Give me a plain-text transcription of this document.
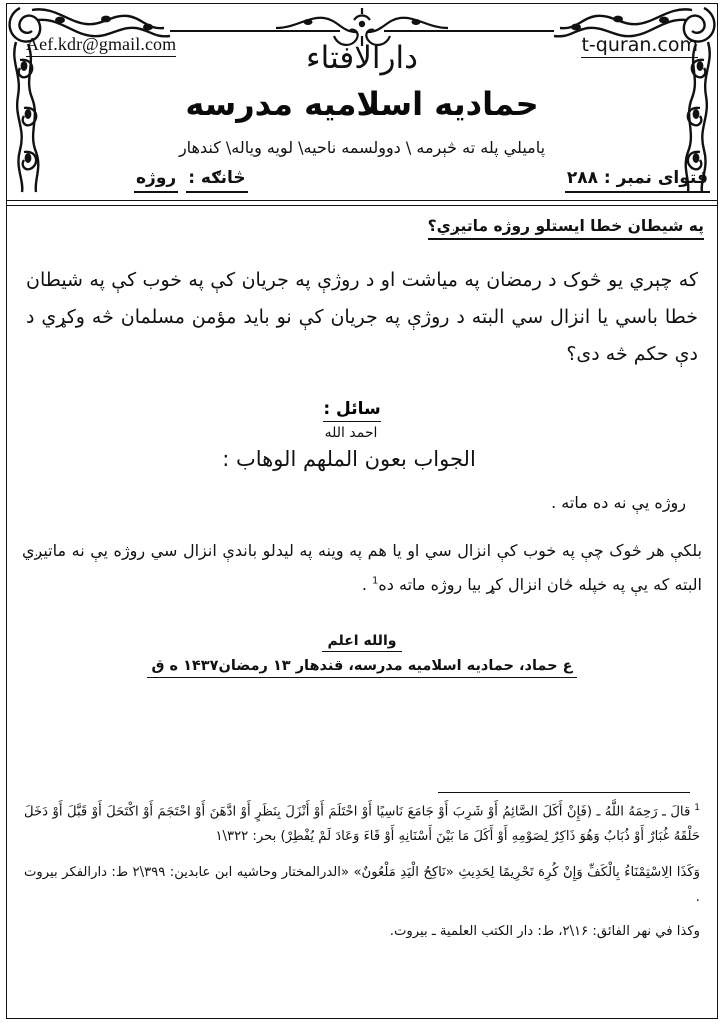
Aef.kdr@gmail.com	t-quran.com
دارالافتاء
حماديه اسلاميه مدرسه
پاميلي پله ته څېرمه \ دوولسمه ناحيه\ لويه وياله\ کندهار
فتواى نمبر : ۲۸۸
څانګه :
روژه
په شيطان خطا ايستلو روژه ماتيږي؟
که چېري يو څوک د رمضان په مياشت او د روژې په جريان کې په خوب کې په شيطان خطا باسي يا انزال سي البته د روژې په جريان کې نو بايد مؤمن مسلمان څه وکړي د دې حکم څه دى؟
سائل :
احمد الله
الجواب بعون الملهم الوهاب :
روژه يې نه ده ماته .
بلکې هر څوک چې په خوب کې انزال سي او يا هم په وينه په ليدلو باندې انزال سي روژه يې نه ماتيږي البته که يې په خپله څان انزال کړ بيا روژه ماته ده$^1$ .
والله اعلم
ع حماد، حماديه اسلاميه مدرسه، قندهار ۱۳ رمضان۱۴۳۷ ه ق
$^1$قالَ ـ رَحِمَهُ اللَّهُ ـ (فَإِنْ أَكَلَ الصَّائِمُ أَوْ شَرِبَ أَوْ جَامَعَ نَاسِيًا أَوْ احْتَلَمَ أَوْ أَنْزَلَ بِنَظَرٍ أَوْ ادَّهَنَ أَوْ احْتَجَمَ أَوْ اكْتَحَلَ أَوْ قَبَّلَ أَوْ دَخَلَ حَلْقَهُ غُبَارٌ أَوْ ذُبَابٌ وَهُوَ ذَاكِرٌ لِصَوْمِهِ أَوْ أَكَلَ مَا بَيْنَ أَسْنَانِهِ أَوْ قَاءَ وَعَادَ لَمْ يُفْطِرْ) بحر: ۳۲۲\۱
وَكَذَا الِاسْتِمْنَاءُ بِالْكَفِّ وَإِنْ كُرِهَ تَحْرِيمًا لِحَدِيثِ «نَاكِحُ الْيَدِ مَلْعُونٌ» «الدرالمختار وحاشيه ابن عابدين: ۳۹۹\۲ ط: دارالفکر بيروت .
وكذا في نهر الفائق: ۱۶\۲، ط: دار الكتب العلمية ـ بيروت.
